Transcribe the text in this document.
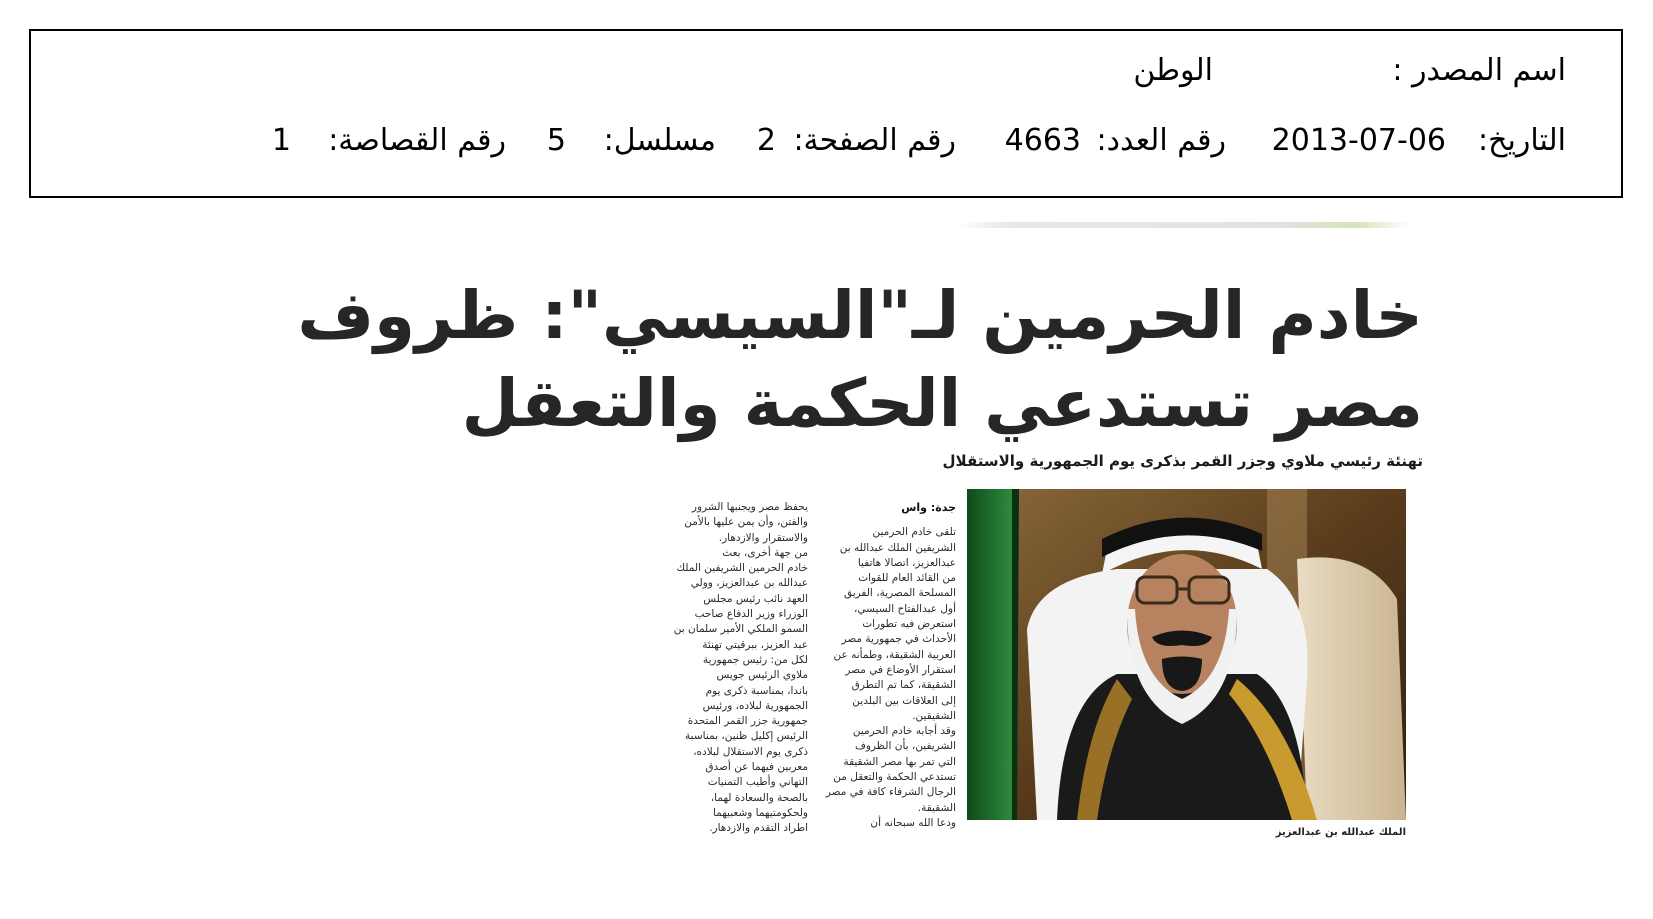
اسم المصدر :
الوطن
التاريخ:
2013-07-06
رقم العدد:
4663
رقم الصفحة:
2
مسلسل:
5
رقم القصاصة:
1
خادم الحرمين لـ"السيسي": ظروف مصر تستدعي الحكمة والتعقل
تهنئة رئيسي ملاوي وجزر القمر بذكرى يوم الجمهورية والاستقلال
الملك عبدالله بن عبدالعزيز
جدة: واس
تلقى خادم الحرمين
الشريفين الملك عبدالله بن
عبدالعزيز، اتصالا هاتفيا
من القائد العام للقوات
المسلحة المصرية، الفريق
أول عبدالفتاح السيسي،
استعرض فيه تطورات
الأحداث في جمهورية مصر
العربية الشقيقة، وطمأنه عن
استقرار الأوضاع في مصر
الشقيقة، كما تم التطرق
إلى العلاقات بين البلدين
الشقيقين.
وقد أجابه خادم الحرمين
الشريفين، بأن الظروف
التي تمر بها مصر الشقيقة
تستدعي الحكمة والتعقل من
الرجال الشرفاء كافة في مصر
الشقيقة.
ودعا الله سبحانه أن
يحفظ مصر ويجنبها الشرور
والفتن، وأن يمن عليها بالأمن
والاستقرار والازدهار.
من جهة أخرى، بعث
خادم الحرمين الشريفين الملك
عبدالله بن عبدالعزيز، وولي
العهد نائب رئيس مجلس
الوزراء وزير الدفاع صاحب
السمو الملكي الأمير سلمان بن
عبد العزيز، ببرقيتي تهنئة
لكل من: رئيس جمهورية
ملاوي الرئيس جويس
باندا، بمناسبة ذكرى يوم
الجمهورية لبلاده، ورئيس
جمهورية جزر القمر المتحدة
الرئيس إكليل ظنين، بمناسبة
ذكرى يوم الاستقلال لبلاده،
معربين فيهما عن أصدق
التهاني وأطيب التمنيات
بالصحة والسعادة لهما،
ولحكومتيهما وشعبيهما
اطراد التقدم والازدهار.
